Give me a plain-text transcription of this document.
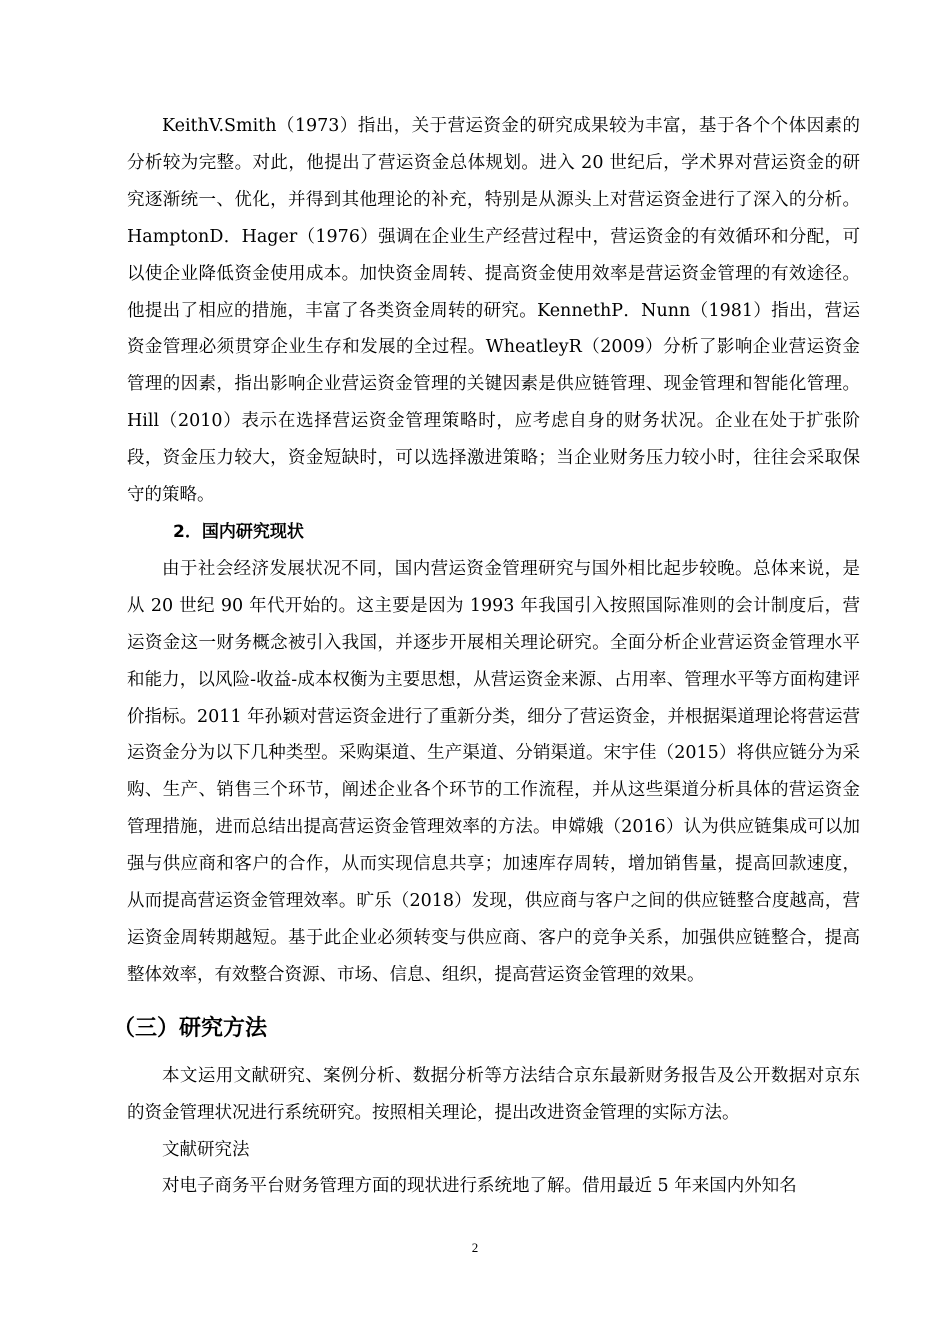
KeithV.Smith（1973）指出，关于营运资金的研究成果较为丰富，基于各个个体因素的分析较为完整。对此，他提出了营运资金总体规划。进入 20 世纪后，学术界对营运资金的研究逐渐统一、优化，并得到其他理论的补充，特别是从源头上对营运资金进行了深入的分析。HamptonD．Hager（1976）强调在企业生产经营过程中，营运资金的有效循环和分配，可以使企业降低资金使用成本。加快资金周转、提高资金使用效率是营运资金管理的有效途径。他提出了相应的措施，丰富了各类资金周转的研究。KennethP．Nunn（1981）指出，营运资金管理必须贯穿企业生存和发展的全过程。WheatleyR（2009）分析了影响企业营运资金管理的因素，指出影响企业营运资金管理的关键因素是供应链管理、现金管理和智能化管理。Hill（2010）表示在选择营运资金管理策略时，应考虑自身的财务状况。企业在处于扩张阶段，资金压力较大，资金短缺时，可以选择激进策略；当企业财务压力较小时，往往会采取保守的策略。

2．国内研究现状

由于社会经济发展状况不同，国内营运资金管理研究与国外相比起步较晚。总体来说，是从 20 世纪 90 年代开始的。这主要是因为 1993 年我国引入按照国际准则的会计制度后，营运资金这一财务概念被引入我国，并逐步开展相关理论研究。全面分析企业营运资金管理水平和能力，以风险-收益-成本权衡为主要思想，从营运资金来源、占用率、管理水平等方面构建评价指标。2011 年孙颖对营运资金进行了重新分类，细分了营运资金，并根据渠道理论将营运营运资金分为以下几种类型。采购渠道、生产渠道、分销渠道。宋宇佳（2015）将供应链分为采购、生产、销售三个环节，阐述企业各个环节的工作流程，并从这些渠道分析具体的营运资金管理措施，进而总结出提高营运资金管理效率的方法。申嫦娥（2016）认为供应链集成可以加强与供应商和客户的合作，从而实现信息共享；加速库存周转，增加销售量，提高回款速度，从而提高营运资金管理效率。旷乐（2018）发现，供应商与客户之间的供应链整合度越高，营运资金周转期越短。基于此企业必须转变与供应商、客户的竞争关系，加强供应链整合，提高整体效率，有效整合资源、市场、信息、组织，提高营运资金管理的效果。

（三）研究方法

本文运用文献研究、案例分析、数据分析等方法结合京东最新财务报告及公开数据对京东的资金管理状况进行系统研究。按照相关理论，提出改进资金管理的实际方法。

文献研究法

对电子商务平台财务管理方面的现状进行系统地了解。借用最近 5 年来国内外知名

2
